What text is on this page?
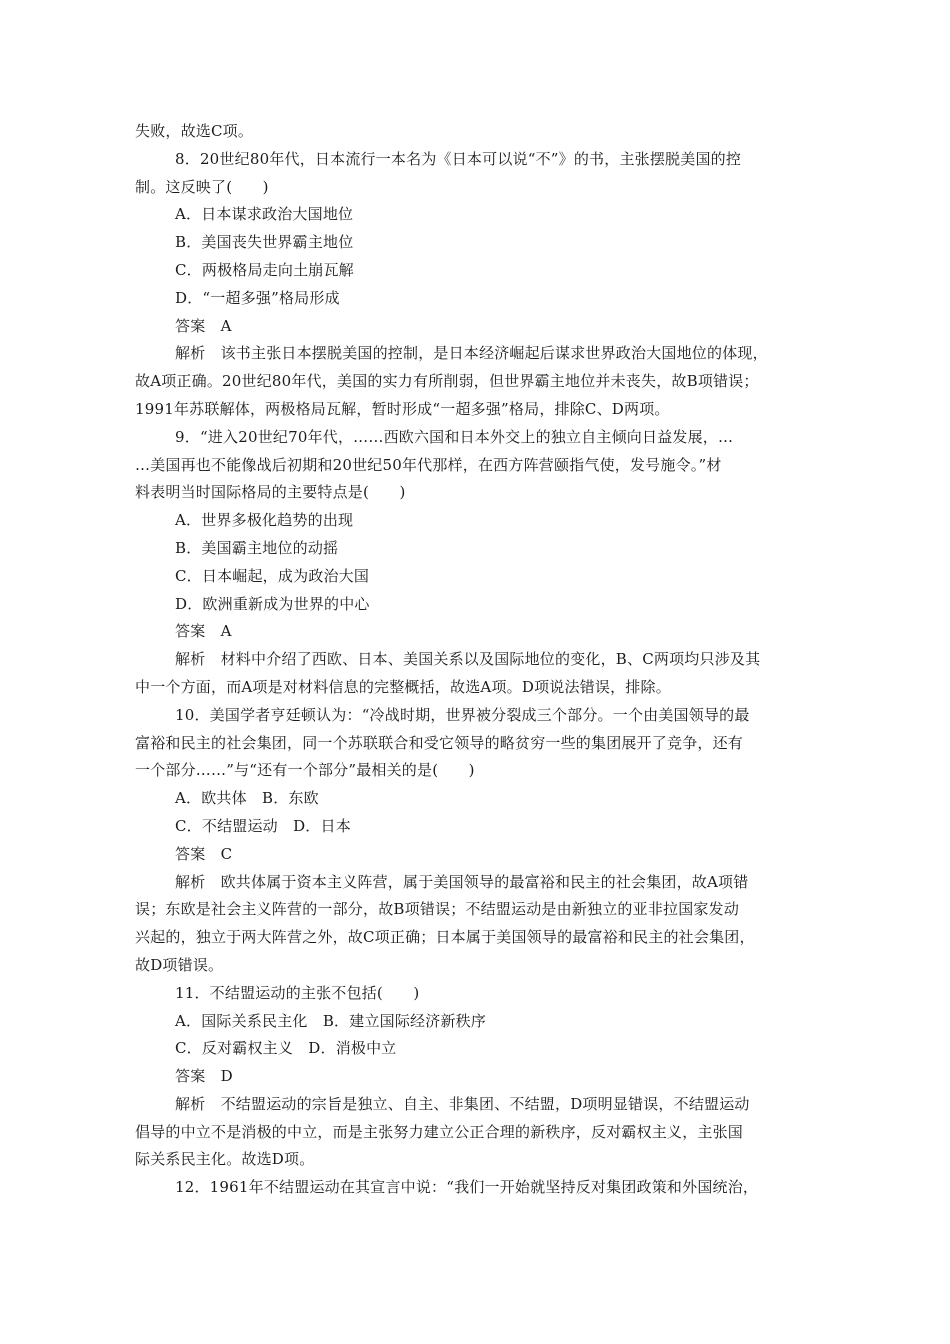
失败，故选C项。
8．20世纪80年代，日本流行一本名为《日本可以说“不”》的书，主张摆脱美国的控
制。这反映了(　　)
A．日本谋求政治大国地位
B．美国丧失世界霸主地位
C．两极格局走向土崩瓦解
D．“一超多强”格局形成
答案　A
解析　该书主张日本摆脱美国的控制，是日本经济崛起后谋求世界政治大国地位的体现，
故A项正确。20世纪80年代，美国的实力有所削弱，但世界霸主地位并未丧失，故B项错误；
1991年苏联解体，两极格局瓦解，暂时形成“一超多强”格局，排除C、D两项。
9．“进入20世纪70年代，……西欧六国和日本外交上的独立自主倾向日益发展，…
…美国再也不能像战后初期和20世纪50年代那样，在西方阵营颐指气使，发号施令。”材
料表明当时国际格局的主要特点是(　　)
A．世界多极化趋势的出现
B．美国霸主地位的动摇
C．日本崛起，成为政治大国
D．欧洲重新成为世界的中心
答案　A
解析　材料中介绍了西欧、日本、美国关系以及国际地位的变化，B、C两项均只涉及其
中一个方面，而A项是对材料信息的完整概括，故选A项。D项说法错误，排除。
10．美国学者亨廷顿认为：“冷战时期，世界被分裂成三个部分。一个由美国领导的最
富裕和民主的社会集团，同一个苏联联合和受它领导的略贫穷一些的集团展开了竞争，还有
一个部分……”与“还有一个部分”最相关的是(　　)
A．欧共体　B．东欧
C．不结盟运动　D．日本
答案　C
解析　欧共体属于资本主义阵营，属于美国领导的最富裕和民主的社会集团，故A项错
误；东欧是社会主义阵营的一部分，故B项错误；不结盟运动是由新独立的亚非拉国家发动
兴起的，独立于两大阵营之外，故C项正确；日本属于美国领导的最富裕和民主的社会集团，
故D项错误。
11．不结盟运动的主张不包括(　　)
A．国际关系民主化　B．建立国际经济新秩序
C．反对霸权主义　D．消极中立
答案　D
解析　不结盟运动的宗旨是独立、自主、非集团、不结盟，D项明显错误，不结盟运动
倡导的中立不是消极的中立，而是主张努力建立公正合理的新秩序，反对霸权主义，主张国
际关系民主化。故选D项。
12．1961年不结盟运动在其宣言中说：“我们一开始就坚持反对集团政策和外国统治，
